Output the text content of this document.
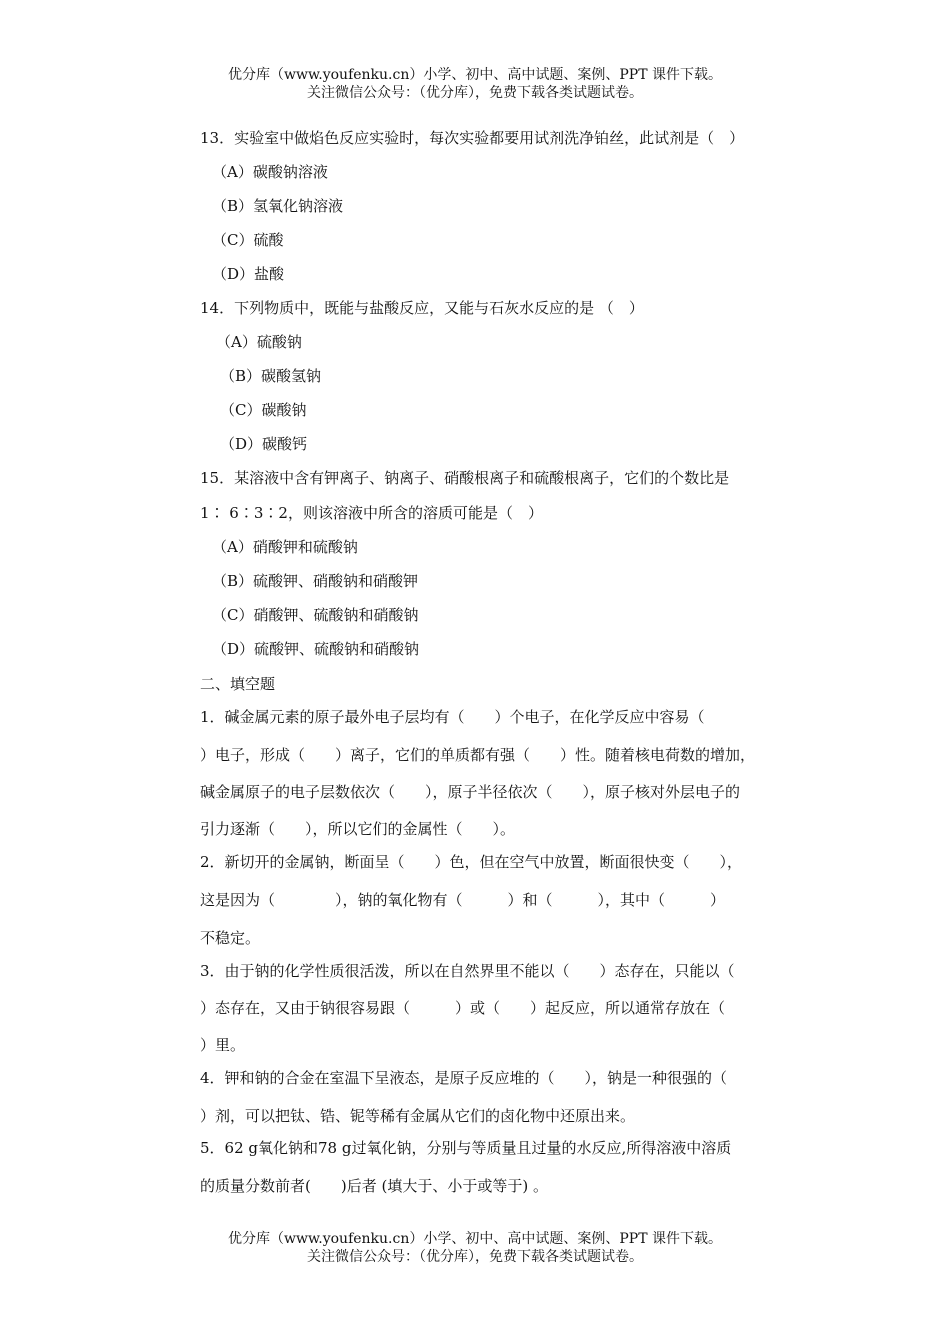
优分库（www.youfenku.cn）小学、初中、高中试题、案例、PPT 课件下载。
关注微信公众号：（优分库），免费下载各类试题试卷。
13．实验室中做焰色反应实验时，每次实验都要用试剂洗净铂丝，此试剂是（　）
（A）碳酸钠溶液
（B）氢氧化钠溶液
（C）硫酸
（D）盐酸
14．下列物质中，既能与盐酸反应，又能与石灰水反应的是 （　）
（A）硫酸钠
（B）碳酸氢钠
（C）碳酸钠
（D）碳酸钙
15．某溶液中含有钾离子、钠离子、硝酸根离子和硫酸根离子，它们的个数比是
1∶ 6∶3∶2，则该溶液中所含的溶质可能是（　）
（A）硝酸钾和硫酸钠
（B）硫酸钾、硝酸钠和硝酸钾
（C）硝酸钾、硫酸钠和硝酸钠
（D）硫酸钾、硫酸钠和硝酸钠
二、填空题
1．碱金属元素的原子最外电子层均有（　　）个电子，在化学反应中容易（
）电子，形成（　　）离子，它们的单质都有强（　　）性。随着核电荷数的增加，
碱金属原子的电子层数依次（　　），原子半径依次（　　），原子核对外层电子的
引力逐渐（　　），所以它们的金属性（　　）。
2．新切开的金属钠，断面呈（　　）色，但在空气中放置，断面很快变（　　），
这是因为（　　　　），钠的氧化物有（　　　）和（　　　），其中（　　　）
不稳定。
3．由于钠的化学性质很活泼，所以在自然界里不能以（　　）态存在，只能以（
）态存在，又由于钠很容易跟（　　　）或（　　）起反应，所以通常存放在（
）里。
4．钾和钠的合金在室温下呈液态，是原子反应堆的（　　），钠是一种很强的（
）剂，可以把钛、锆、铌等稀有金属从它们的卤化物中还原出来。
5．62 g氧化钠和78 g过氧化钠，分别与等质量且过量的水反应,所得溶液中溶质
的质量分数前者(　　)后者 (填大于、小于或等于) 。
优分库（www.youfenku.cn）小学、初中、高中试题、案例、PPT 课件下载。
关注微信公众号：（优分库），免费下载各类试题试卷。
